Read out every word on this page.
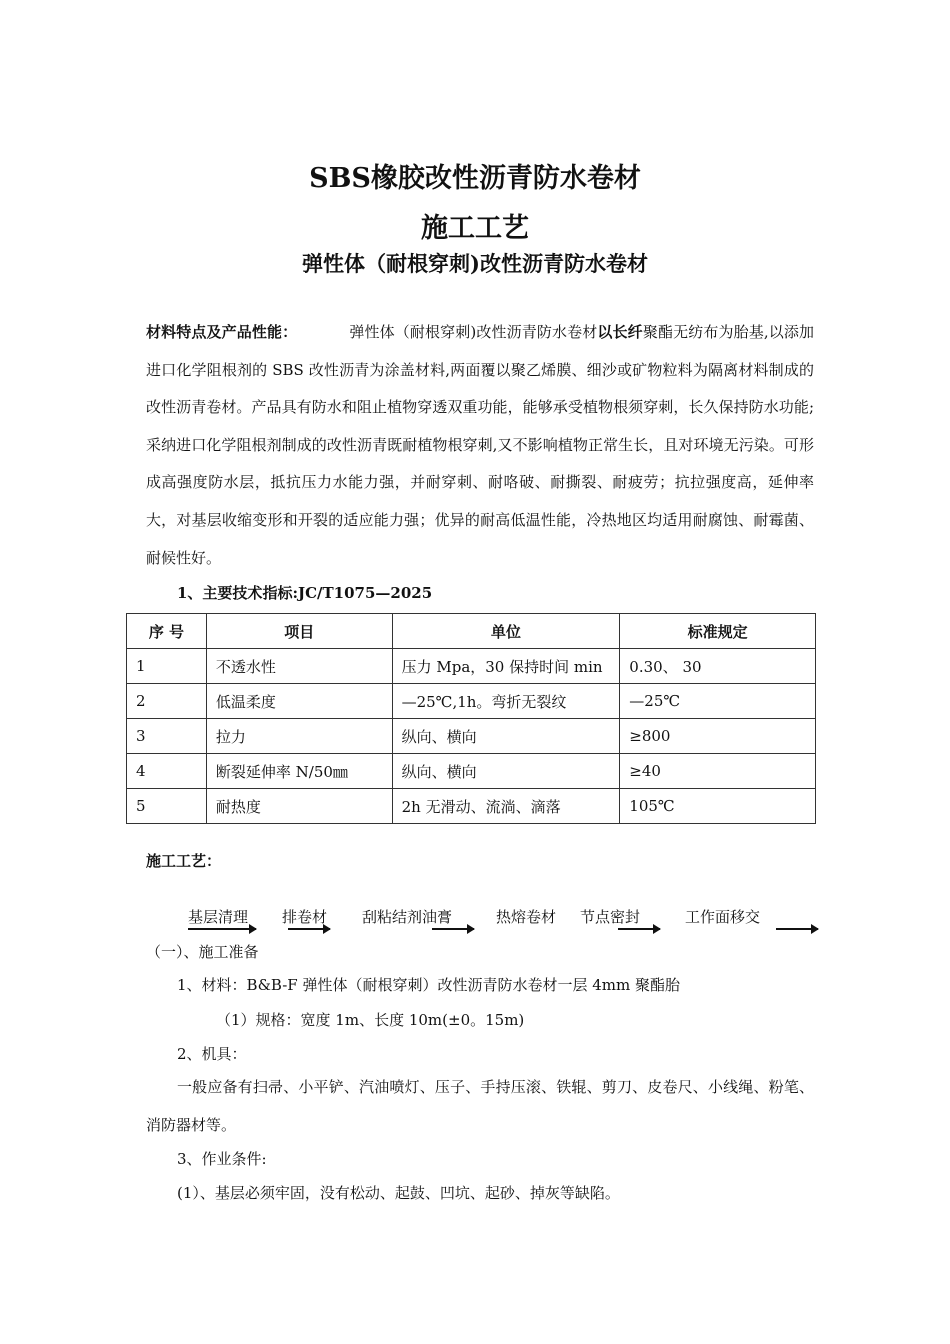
SBS橡胶改性沥青防水卷材
施工工艺
弹性体（耐根穿刺)改性沥青防水卷材
材料特点及产品性能：	弹性体（耐根穿刺)改性沥青防水卷材以长纤聚酯无纺布为胎基,以添加进口化学阻根剂的 SBS 改性沥青为涂盖材料,两面覆以聚乙烯膜、细沙或矿物粒料为隔离材料制成的改性沥青卷材。产品具有防水和阻止植物穿透双重功能，能够承受植物根须穿刺，长久保持防水功能;采纳进口化学阻根剂制成的改性沥青既耐植物根穿刺,又不影响植物正常生长，且对环境无污染。可形成高强度防水层，抵抗压力水能力强，并耐穿刺、耐咯破、耐撕裂、耐疲劳；抗拉强度高，延伸率大，对基层收缩变形和开裂的适应能力强；优异的耐高低温性能，冷热地区均适用耐腐蚀、耐霉菌、耐候性好。
1、主要技术指标:JC/T1075—2025
序 号	项目	单位	标准规定
1	不透水性	压力 Mpa，30 保持时间 min	0.30、 30
2	低温柔度	—25℃,1h。弯折无裂纹	—25℃
3	拉力	纵向、横向	≥800
4	断裂延伸率 N/50㎜	纵向、横向	≥40
5	耐热度	2h 无滑动、流淌、滴落	105℃
施工工艺：
基层清理 排卷材 刮粘结剂油膏	热熔卷材 节点密封	工作面移交
（一）、施工准备
1、材料：B&B-F 弹性体（耐根穿刺）改性沥青防水卷材一层 4mm 聚酯胎
（1）规格：宽度 1m、长度 10m(±0。15m)
2、机具：
一般应备有扫帚、小平铲、汽油喷灯、压子、手持压滚、铁辊、剪刀、皮卷尺、小线绳、粉笔、消防器材等。
3、作业条件:
(1）、基层必须牢固，没有松动、起鼓、凹坑、起砂、掉灰等缺陷。
